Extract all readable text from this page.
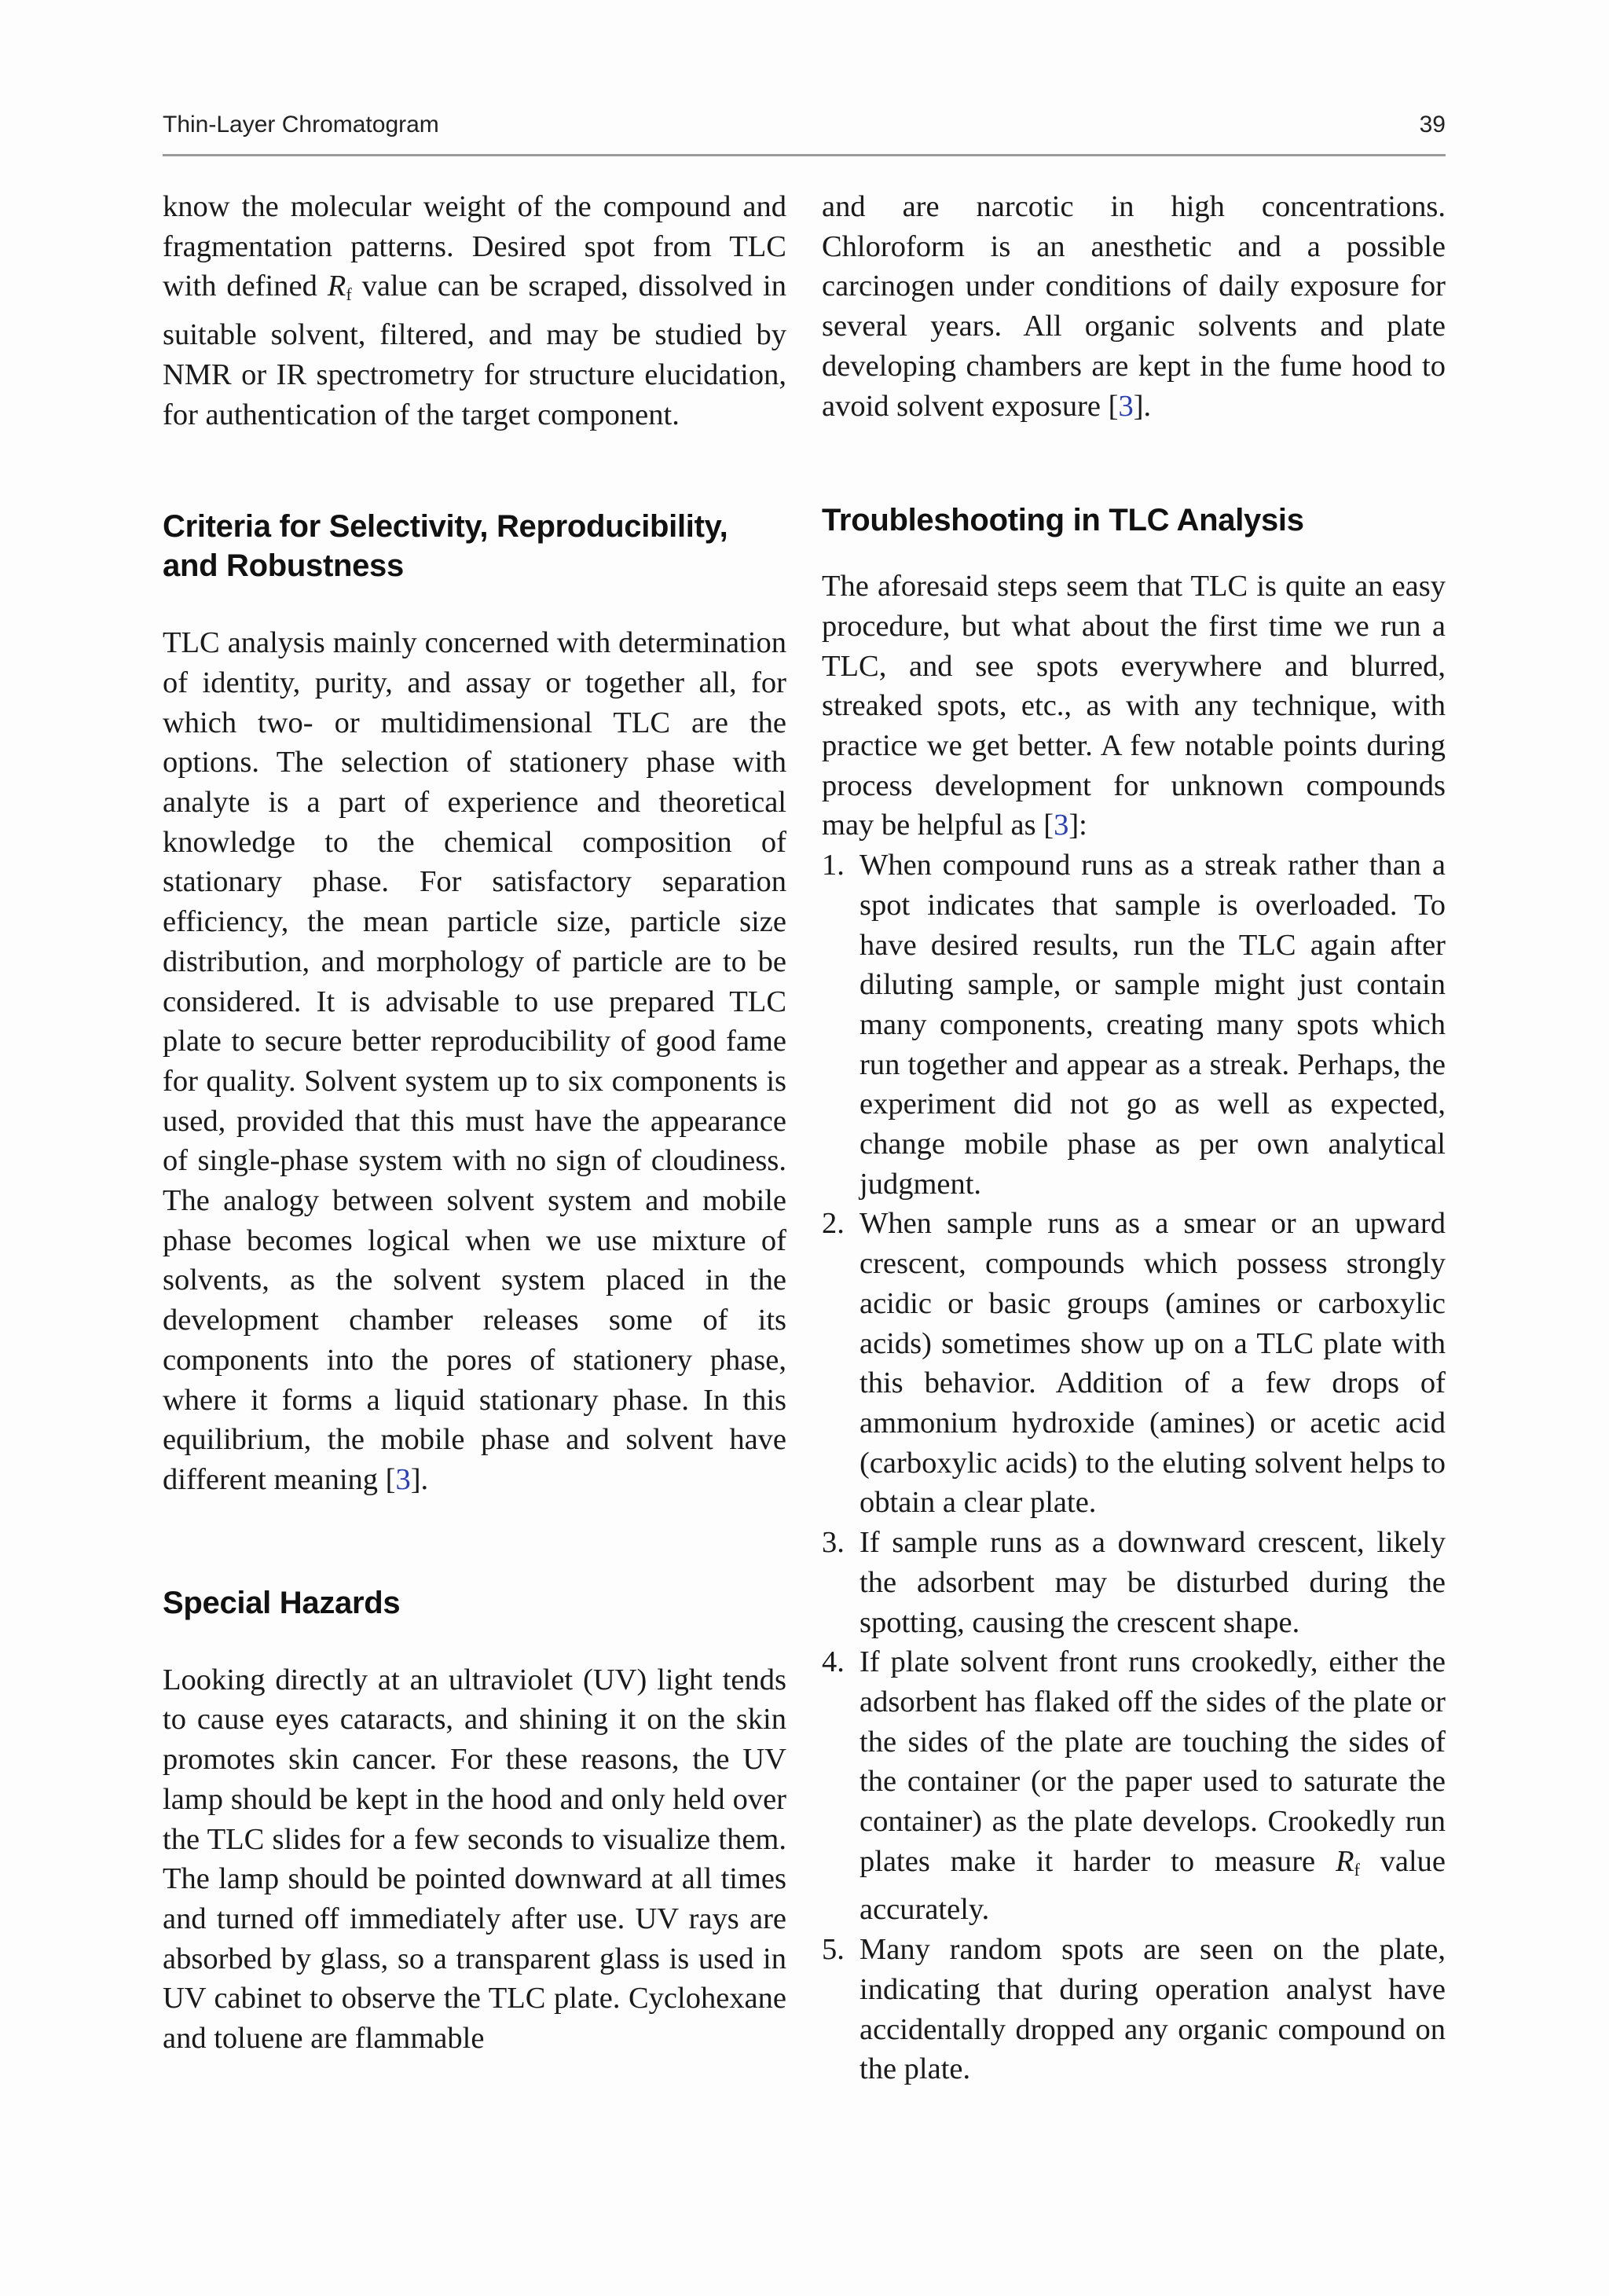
Thin-Layer Chromatogram	39

know the molecular weight of the compound and fragmentation patterns. Desired spot from TLC with defined $R_f$ value can be scraped, dissolved in suitable solvent, filtered, and may be studied by NMR or IR spectrometry for structure elucidation, for authentication of the target component.

Criteria for Selectivity, Reproducibility, and Robustness

TLC analysis mainly concerned with determination of identity, purity, and assay or together all, for which two- or multidimensional TLC are the options. The selection of stationery phase with analyte is a part of experience and theoretical knowledge to the chemical composition of stationary phase. For satisfactory separation efficiency, the mean particle size, particle size distribution, and morphology of particle are to be considered. It is advisable to use prepared TLC plate to secure better reproducibility of good fame for quality. Solvent system up to six components is used, provided that this must have the appearance of single-phase system with no sign of cloudiness. The analogy between solvent system and mobile phase becomes logical when we use mixture of solvents, as the solvent system placed in the development chamber releases some of its components into the pores of stationery phase, where it forms a liquid stationary phase. In this equilibrium, the mobile phase and solvent have different meaning [3].

Special Hazards

Looking directly at an ultraviolet (UV) light tends to cause eyes cataracts, and shining it on the skin promotes skin cancer. For these reasons, the UV lamp should be kept in the hood and only held over the TLC slides for a few seconds to visualize them. The lamp should be pointed downward at all times and turned off immediately after use. UV rays are absorbed by glass, so a transparent glass is used in UV cabinet to observe the TLC plate. Cyclohexane and toluene are flammable

and are narcotic in high concentrations. Chloroform is an anesthetic and a possible carcinogen under conditions of daily exposure for several years. All organic solvents and plate developing chambers are kept in the fume hood to avoid solvent exposure [3].

Troubleshooting in TLC Analysis

The aforesaid steps seem that TLC is quite an easy procedure, but what about the first time we run a TLC, and see spots everywhere and blurred, streaked spots, etc., as with any technique, with practice we get better. A few notable points during process development for unknown compounds may be helpful as [3]:

1. When compound runs as a streak rather than a spot indicates that sample is overloaded. To have desired results, run the TLC again after diluting sample, or sample might just contain many components, creating many spots which run together and appear as a streak. Perhaps, the experiment did not go as well as expected, change mobile phase as per own analytical judgment.
2. When sample runs as a smear or an upward crescent, compounds which possess strongly acidic or basic groups (amines or carboxylic acids) sometimes show up on a TLC plate with this behavior. Addition of a few drops of ammonium hydroxide (amines) or acetic acid (carboxylic acids) to the eluting solvent helps to obtain a clear plate.
3. If sample runs as a downward crescent, likely the adsorbent may be disturbed during the spotting, causing the crescent shape.
4. If plate solvent front runs crookedly, either the adsorbent has flaked off the sides of the plate or the sides of the plate are touching the sides of the container (or the paper used to saturate the container) as the plate develops. Crookedly run plates make it harder to measure $R_f$ value accurately.
5. Many random spots are seen on the plate, indicating that during operation analyst have accidentally dropped any organic compound on the plate.
